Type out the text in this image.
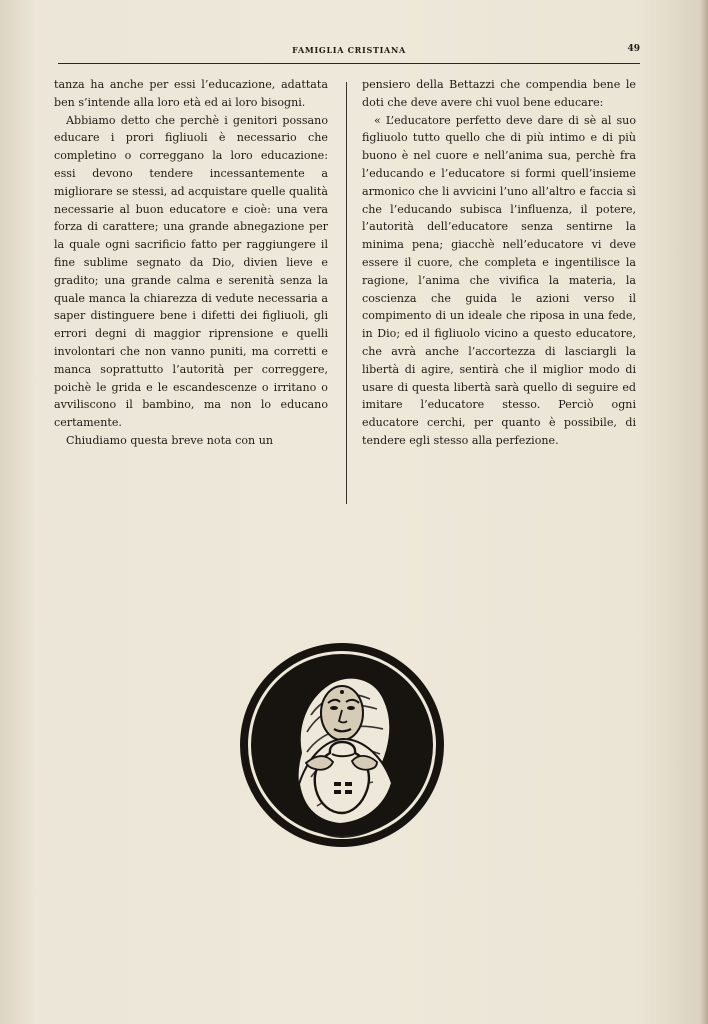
FAMIGLIA CRISTIANA	49

tanza ha anche per essi l’educazione, adattata ben s’intende alla loro età ed ai loro bisogni.

Abbiamo detto che perchè i genitori possano educare i prori figliuoli è necessario che completino o correggano la loro educazione: essi devono tendere incessantemente a migliorare se stessi, ad acquistare quelle qualità necessarie al buon educatore e cioè: una vera forza di carattere; una grande abnegazione per la quale ogni sacrificio fatto per raggiungere il fine sublime segnato da Dio, divien lieve e gradito; una grande calma e serenità senza la quale manca la chiarezza di vedute necessaria a saper distinguere bene i difetti dei figliuoli, gli errori degni di maggior riprensione e quelli involontari che non vanno puniti, ma corretti e manca soprattutto l’autorità per correggere, poichè le grida e le escandescenze o irritano o avviliscono il bambino, ma non lo educano certamente.

Chiudiamo questa breve nota con un

pensiero della Bettazzi che compendia bene le doti che deve avere chi vuol bene educare:

« L’educatore perfetto deve dare di sè al suo figliuolo tutto quello che di più intimo e di più buono è nel cuore e nell’anima sua, perchè fra l’educando e l’educatore si formi quell’insieme armonico che li avvicini l’uno all’altro e faccia sì che l’educando subisca l’influenza, il potere, l’autorità dell’educatore senza sentirne la minima pena; giacchè nell’educatore vi deve essere il cuore, che completa e ingentilisce la ragione, l’anima che vivifica la materia, la coscienza che guida le azioni verso il compimento di un ideale che riposa in una fede, in Dio; ed il figliuolo vicino a questo educatore, che avrà anche l’accortezza di lasciargli la libertà di agire, sentirà che il miglior modo di usare di questa libertà sarà quello di seguire ed imitare l’educatore stesso. Perciò ogni educatore cerchi, per quanto è possibile, di tendere egli stesso alla perfezione.
